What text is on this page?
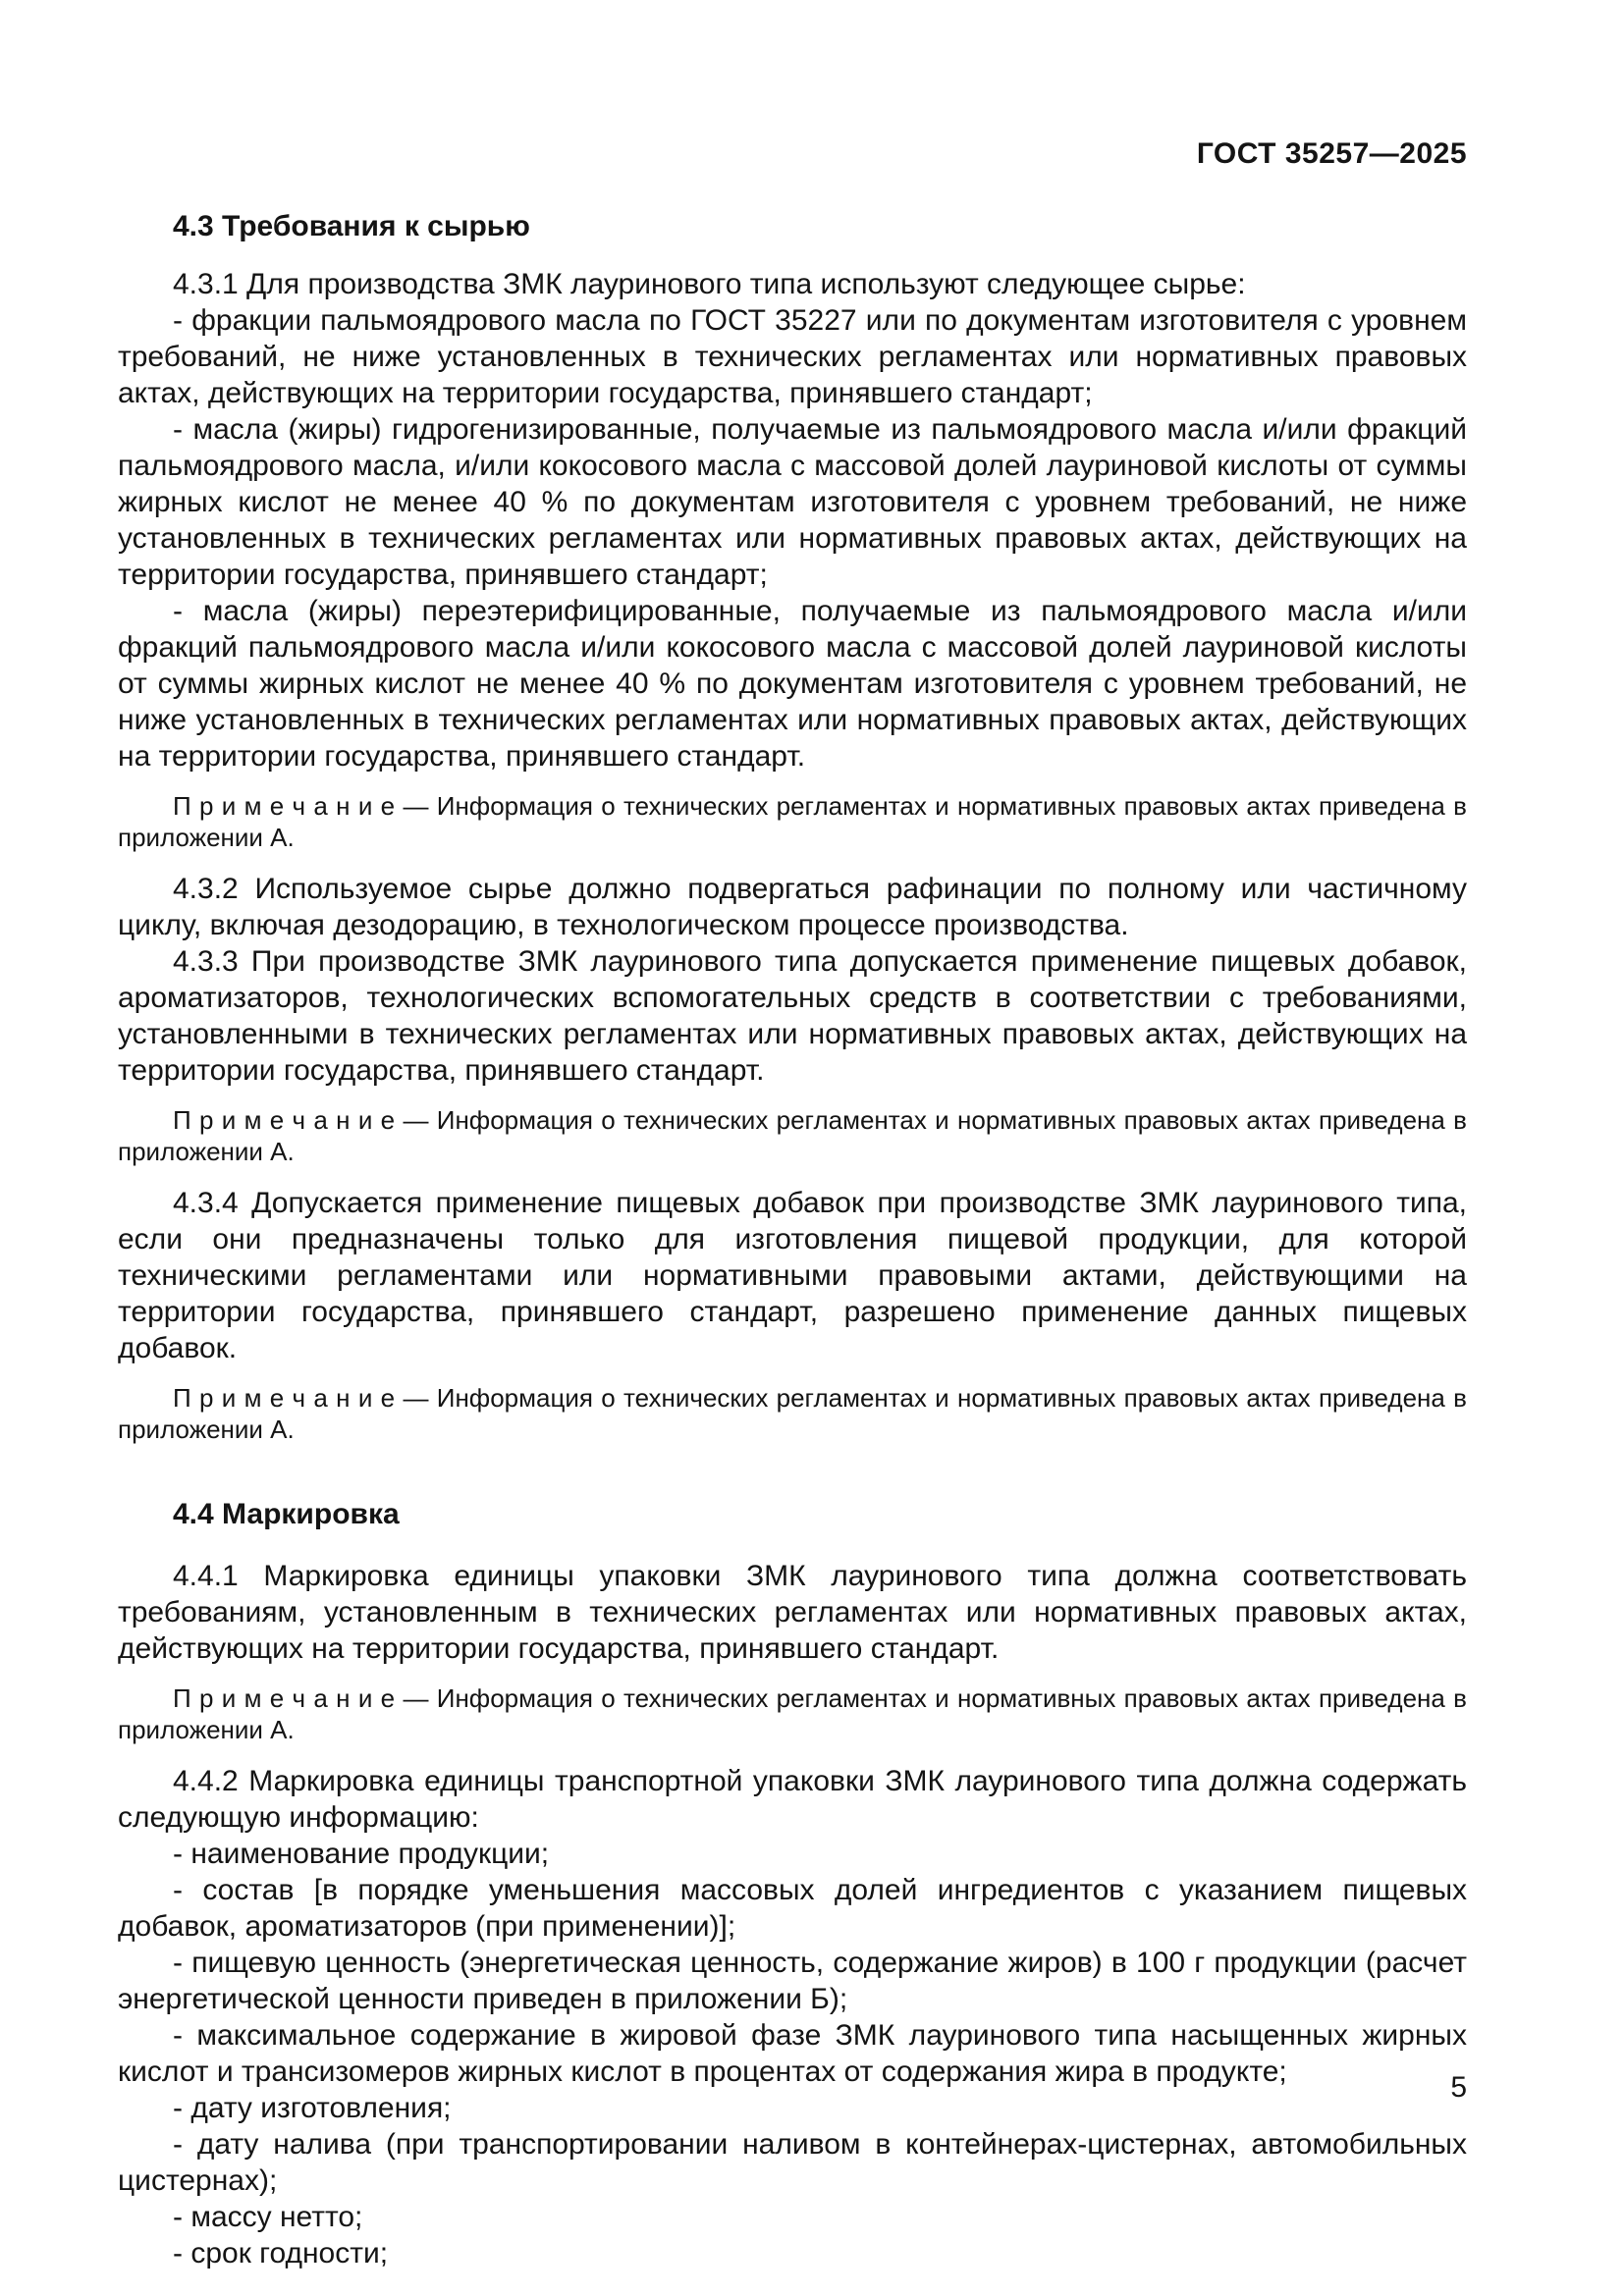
ГОСТ 35257—2025
4.3 Требования к сырью

4.3.1 Для производства ЗМК лауринового типа используют следующее сырье:

- фракции пальмоядрового масла по ГОСТ 35227 или по документам изготовителя с уровнем требований, не ниже установленных в технических регламентах или нормативных правовых актах, действующих на территории государства, принявшего стандарт;

- масла (жиры) гидрогенизированные, получаемые из пальмоядрового масла и/или фракций пальмоядрового масла, и/или кокосового масла с массовой долей лауриновой кислоты от суммы жирных кислот не менее 40 % по документам изготовителя с уровнем требований, не ниже установленных в технических регламентах или нормативных правовых актах, действующих на территории государства, принявшего стандарт;

- масла (жиры) переэтерифицированные, получаемые из пальмоядрового масла и/или фракций пальмоядрового масла и/или кокосового масла с массовой долей лауриновой кислоты от суммы жирных кислот не менее 40 % по документам изготовителя с уровнем требований, не ниже установленных в технических регламентах или нормативных правовых актах, действующих на территории государства, принявшего стандарт.

П р и м е ч а н и е — Информация о технических регламентах и нормативных правовых актах приведена в приложении А.

4.3.2 Используемое сырье должно подвергаться рафинации по полному или частичному циклу, включая дезодорацию, в технологическом процессе производства.

4.3.3 При производстве ЗМК лауринового типа допускается применение пищевых добавок, ароматизаторов, технологических вспомогательных средств в соответствии с требованиями, установленными в технических регламентах или нормативных правовых актах, действующих на территории государства, принявшего стандарт.

П р и м е ч а н и е — Информация о технических регламентах и нормативных правовых актах приведена в приложении А.

4.3.4 Допускается применение пищевых добавок при производстве ЗМК лауринового типа, если они предназначены только для изготовления пищевой продукции, для которой техническими регламентами или нормативными правовыми актами, действующими на территории государства, принявшего стандарт, разрешено применение данных пищевых добавок.

П р и м е ч а н и е — Информация о технических регламентах и нормативных правовых актах приведена в приложении А.

4.4 Маркировка

4.4.1 Маркировка единицы упаковки ЗМК лауринового типа должна соответствовать требованиям, установленным в технических регламентах или нормативных правовых актах, действующих на территории государства, принявшего стандарт.

П р и м е ч а н и е — Информация о технических регламентах и нормативных правовых актах приведена в приложении А.

4.4.2 Маркировка единицы транспортной упаковки ЗМК лауринового типа должна содержать следующую информацию:

- наименование продукции;

- состав [в порядке уменьшения массовых долей ингредиентов с указанием пищевых добавок, ароматизаторов (при применении)];

- пищевую ценность (энергетическая ценность, содержание жиров) в 100 г продукции (расчет энергетической ценности приведен в приложении Б);

- максимальное содержание в жировой фазе ЗМК лауринового типа насыщенных жирных кислот и трансизомеров жирных кислот в процентах от содержания жира в продукте;

- дату изготовления;

- дату налива (при транспортировании наливом в контейнерах-цистернах, автомобильных цистернах);

- массу нетто;

- срок годности;

5
